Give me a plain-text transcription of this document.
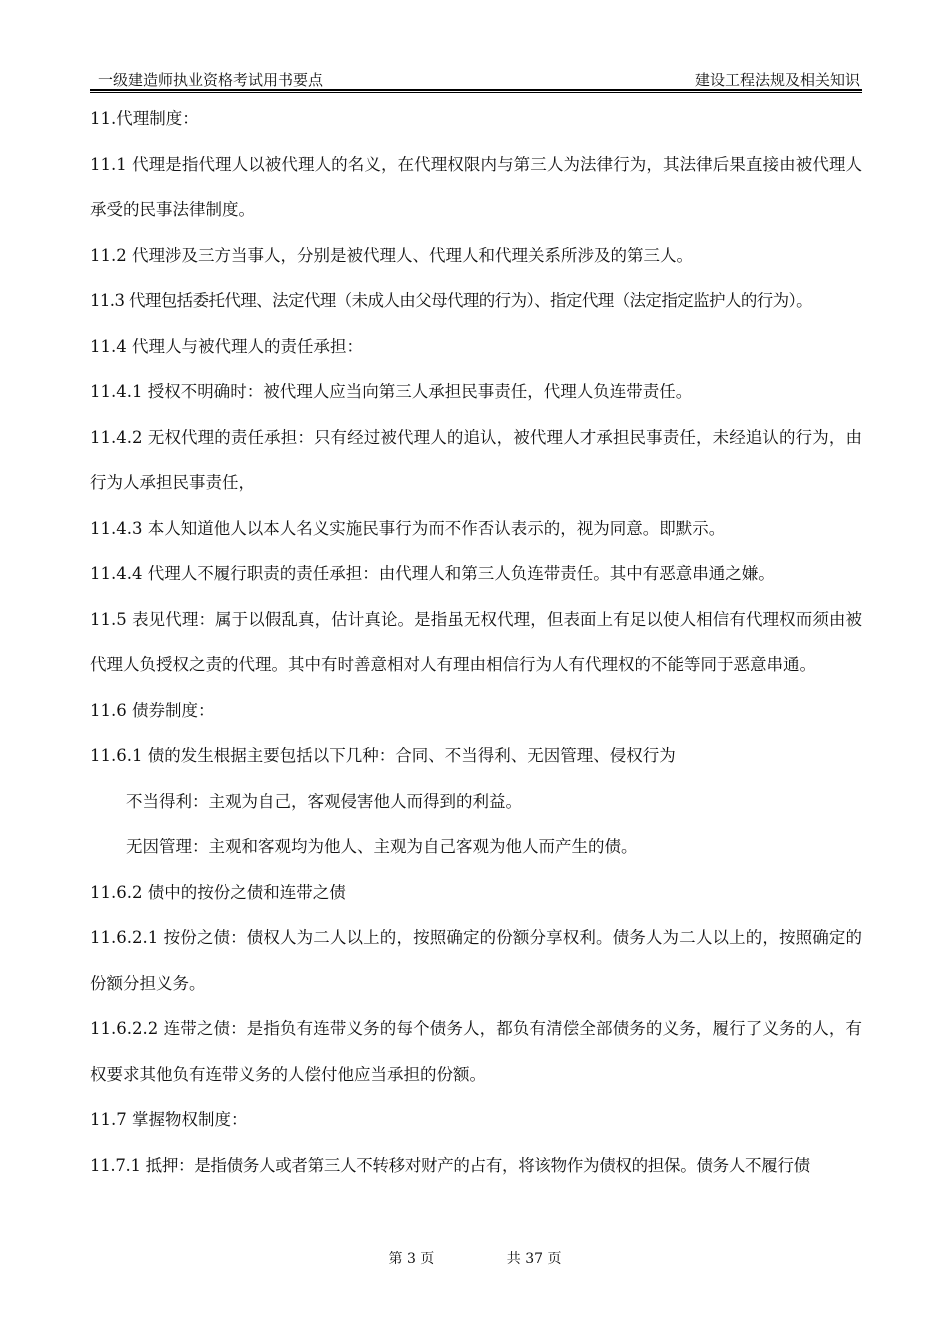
一级建造师执业资格考试用书要点	建设工程法规及相关知识

11.代理制度：

11.1 代理是指代理人以被代理人的名义，在代理权限内与第三人为法律行为，其法律后果直接由被代理人承受的民事法律制度。

11.2 代理涉及三方当事人，分别是被代理人、代理人和代理关系所涉及的第三人。

11.3 代理包括委托代理、法定代理（未成人由父母代理的行为）、指定代理（法定指定监护人的行为）。

11.4 代理人与被代理人的责任承担：

11.4.1 授权不明确时：被代理人应当向第三人承担民事责任，代理人负连带责任。

11.4.2 无权代理的责任承担：只有经过被代理人的追认，被代理人才承担民事责任，未经追认的行为，由行为人承担民事责任，

11.4.3 本人知道他人以本人名义实施民事行为而不作否认表示的，视为同意。即默示。

11.4.4 代理人不履行职责的责任承担：由代理人和第三人负连带责任。其中有恶意串通之嫌。

11.5 表见代理：属于以假乱真，估计真论。是指虽无权代理，但表面上有足以使人相信有代理权而须由被代理人负授权之责的代理。其中有时善意相对人有理由相信行为人有代理权的不能等同于恶意串通。

11.6 债券制度：

11.6.1 债的发生根据主要包括以下几种：合同、不当得利、无因管理、侵权行为

不当得利：主观为自己，客观侵害他人而得到的利益。

无因管理：主观和客观均为他人、主观为自己客观为他人而产生的债。

11.6.2 债中的按份之债和连带之债

11.6.2.1 按份之债：债权人为二人以上的，按照确定的份额分享权利。债务人为二人以上的，按照确定的份额分担义务。

11.6.2.2 连带之债：是指负有连带义务的每个债务人，都负有清偿全部债务的义务，履行了义务的人，有权要求其他负有连带义务的人偿付他应当承担的份额。

11.7 掌握物权制度：

11.7.1 抵押：是指债务人或者第三人不转移对财产的占有，将该物作为债权的担保。债务人不履行债

第 3 页	共 37 页
